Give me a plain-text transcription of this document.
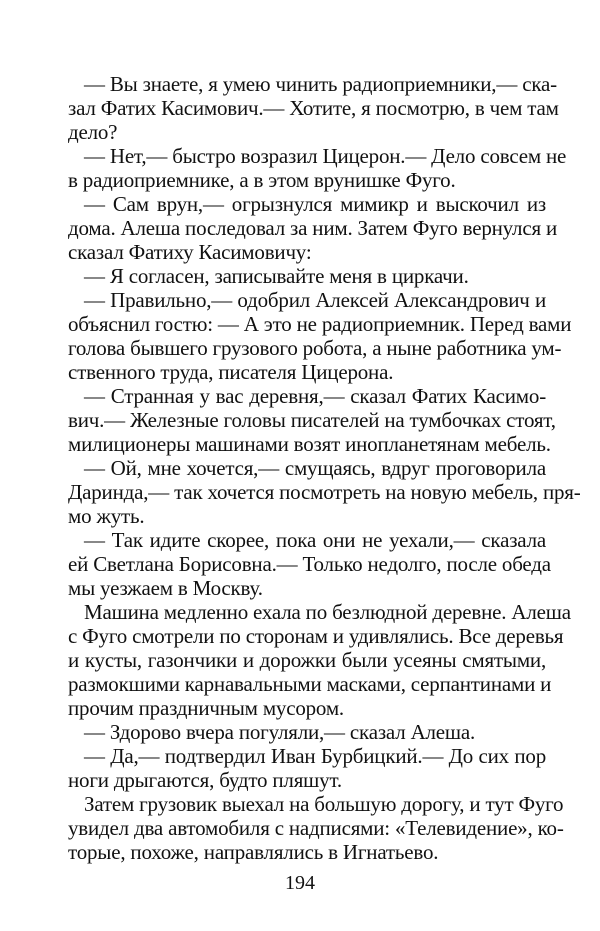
— Вы знаете, я умею чинить радиоприемники,— ска-
зал Фатих Касимович.— Хотите, я посмотрю, в чем там
дело?
— Нет,— быстро возразил Цицерон.— Дело совсем не
в радиоприемнике, а в этом врунишке Фуго.
— Сам врун,— огрызнулся мимикр и выскочил из
дома. Алеша последовал за ним. Затем Фуго вернулся и
сказал Фатиху Касимовичу:
— Я согласен, записывайте меня в циркачи.
— Правильно,— одобрил Алексей Александрович и
объяснил гостю: — А это не радиоприемник. Перед вами
голова бывшего грузового робота, а ныне работника ум-
ственного труда, писателя Цицерона.
— Странная у вас деревня,— сказал Фатих Касимо-
вич.— Железные головы писателей на тумбочках стоят,
милиционеры машинами возят инопланетянам мебель.
— Ой, мне хочется,— смущаясь, вдруг проговорила
Даринда,— так хочется посмотреть на новую мебель, пря-
мо жуть.
— Так идите скорее, пока они не уехали,— сказала
ей Светлана Борисовна.— Только недолго, после обеда
мы уезжаем в Москву.
Машина медленно ехала по безлюдной деревне. Алеша
с Фуго смотрели по сторонам и удивлялись. Все деревья
и кусты, газончики и дорожки были усеяны смятыми,
размокшими карнавальными масками, серпантинами и
прочим праздничным мусором.
— Здорово вчера погуляли,— сказал Алеша.
— Да,— подтвердил Иван Бурбицкий.— До сих пор
ноги дрыгаются, будто пляшут.
Затем грузовик выехал на большую дорогу, и тут Фуго
увидел два автомобиля с надписями: «Телевидение», ко-
торые, похоже, направлялись в Игнатьево.
194
